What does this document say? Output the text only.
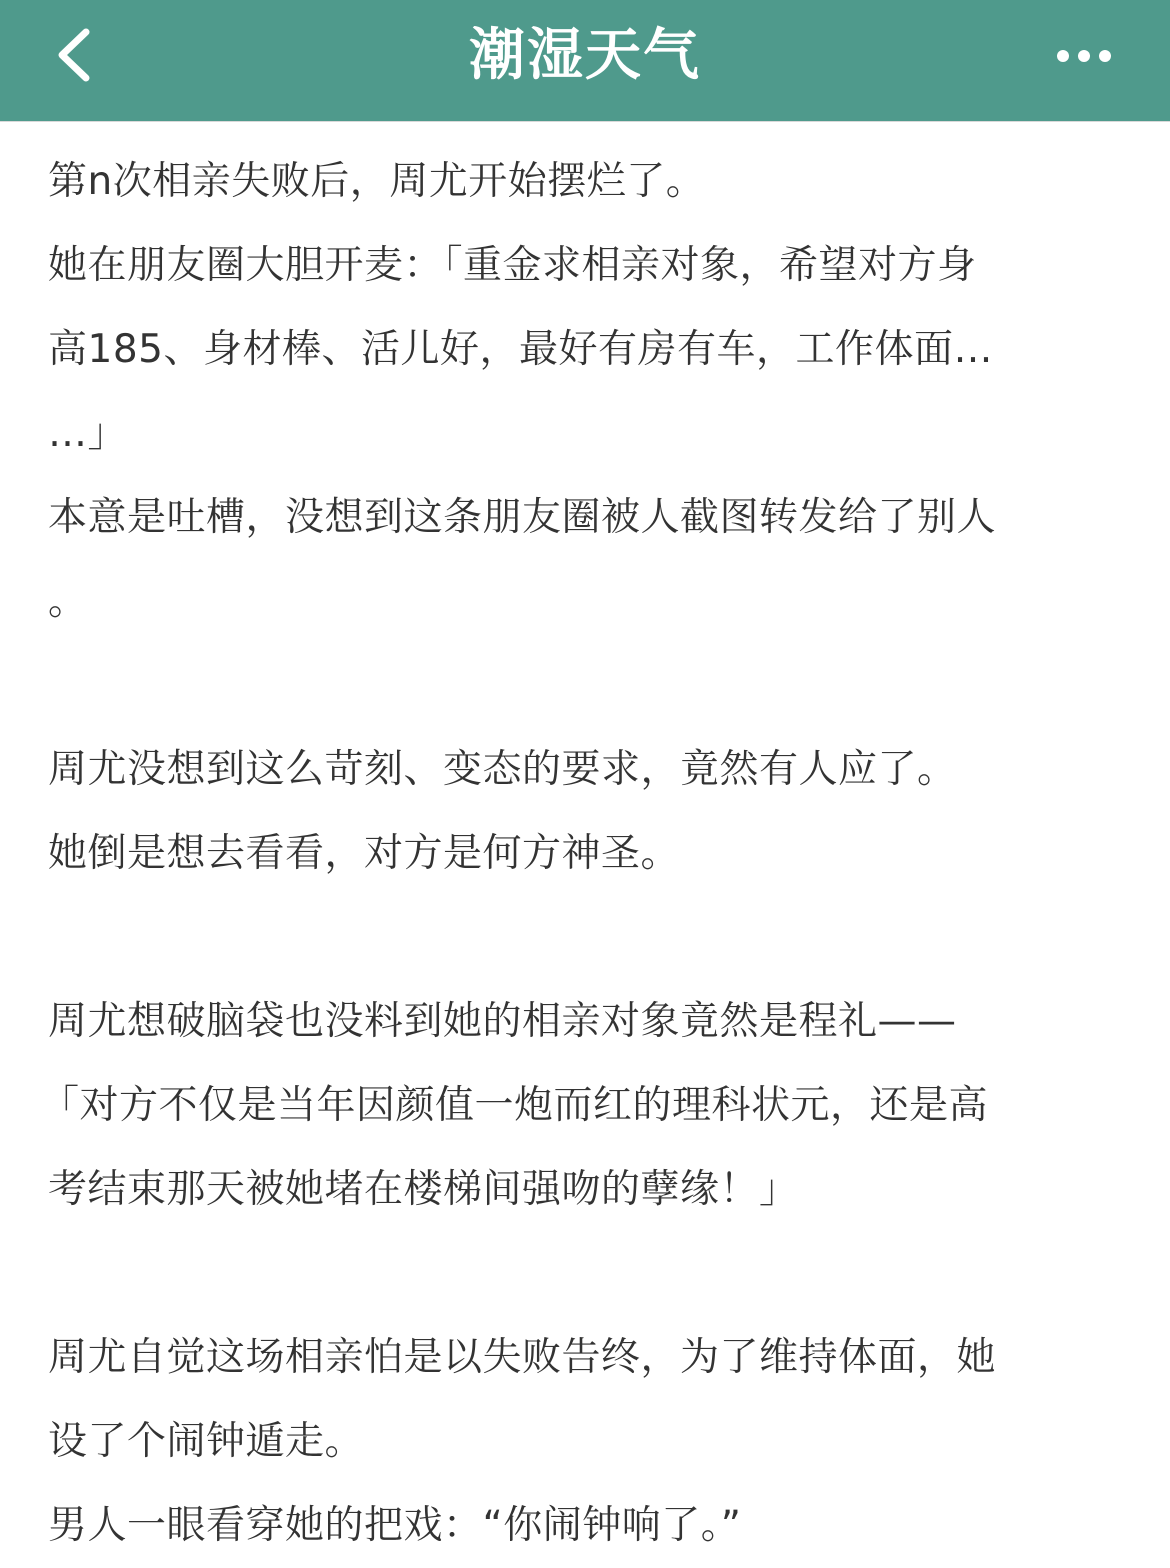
潮湿天气
第n次相亲失败后，周尤开始摆烂了。
她在朋友圈大胆开麦：「重金求相亲对象，希望对方身
高185、身材棒、活儿好，最好有房有车，工作体面…
…」
本意是吐槽，没想到这条朋友圈被人截图转发给了别人
。
周尤没想到这么苛刻、变态的要求，竟然有人应了。
她倒是想去看看，对方是何方神圣。
周尤想破脑袋也没料到她的相亲对象竟然是程礼——
「对方不仅是当年因颜值一炮而红的理科状元，还是高
考结束那天被她堵在楼梯间强吻的孽缘！」
周尤自觉这场相亲怕是以失败告终，为了维持体面，她
设了个闹钟遁走。
男人一眼看穿她的把戏：“你闹钟响了。”
